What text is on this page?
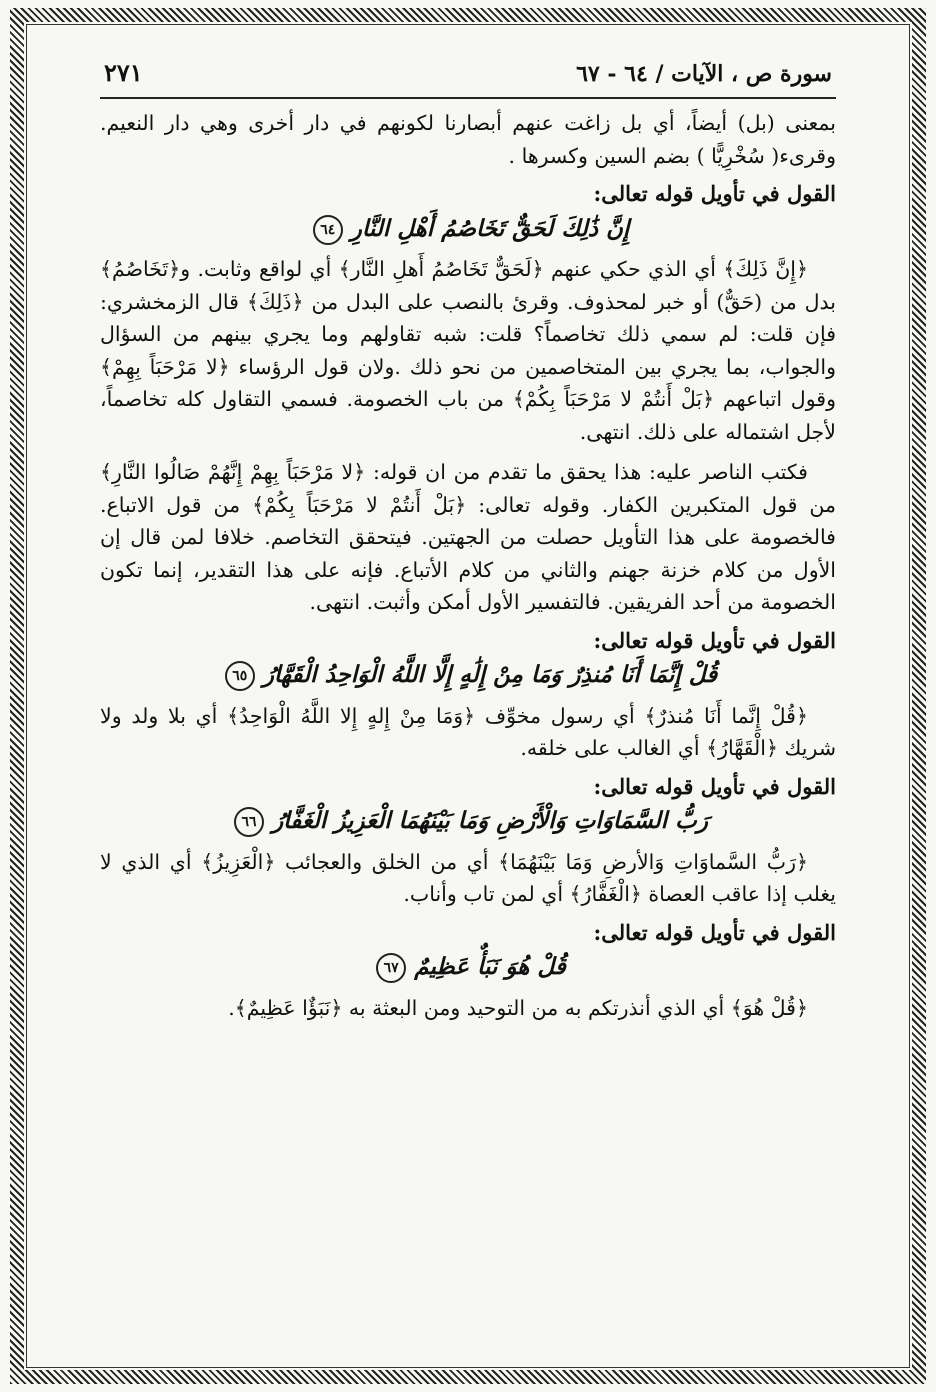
سورة ص ، الآيات / ٦٤ - ٦٧
٢٧١

بمعنى (بل) أيضاً، أي بل زاغت عنهم أبصارنا لكونهم في دار أخرى وهي دار النعيم. وقرىء( سُخْرِيًّا ) بضم السين وكسرها .

القول في تأويل قوله تعالى:
إِنَّ ذَٰلِكَ لَحَقٌّ تَخَاصُمُ أَهْلِ النَّارِ ٦٤

﴿إِنَّ ذَلِكَ﴾ أي الذي حكي عنهم ﴿لَحَقٌّ تَخَاصُمُ أَهلِ النَّار﴾ أي لواقع وثابت. و﴿تَخَاصُمُ﴾ بدل من (حَقٌّ) أو خبر لمحذوف. وقرئ بالنصب على البدل من ﴿ذَلِكَ﴾ قال الزمخشري: فإن قلت: لم سمي ذلك تخاصماً؟ قلت: شبه تقاولهم وما يجري بينهم من السؤال والجواب، بما يجري بين المتخاصمين من نحو ذلك .ولان قول الرؤساء ﴿لا مَرْحَبَاً بِهِمْ﴾ وقول اتباعهم ﴿بَلْ أَنتُمْ لا مَرْحَبَاً بِكُمْ﴾ من باب الخصومة. فسمي التقاول كله تخاصماً، لأجل اشتماله على ذلك. انتهى.

فكتب الناصر عليه: هذا يحقق ما تقدم من ان قوله: ﴿لا مَرْحَبَاً بِهِمْ إِنَّهُمْ صَالُوا النَّارِ﴾ من قول المتكبرين الكفار. وقوله تعالى: ﴿بَلْ أَنتُمْ لا مَرْحَبَاً بِكُمْ﴾ من قول الاتباع. فالخصومة على هذا التأويل حصلت من الجهتين. فيتحقق التخاصم. خلافا لمن قال إن الأول من كلام خزنة جهنم والثاني من كلام الأتباع. فإنه على هذا التقدير، إنما تكون الخصومة من أحد الفريقين. فالتفسير الأول أمكن وأثبت. انتهى.

القول في تأويل قوله تعالى:
قُلْ إِنَّمَا أَنَا مُنذِرٌ وَمَا مِنْ إِلَٰهٍ إِلَّا اللَّهُ الْوَاحِدُ الْقَهَّارُ ٦٥

﴿قُلْ إِنَّما أَنَا مُنذرٌ﴾ أي رسول مخوِّف ﴿وَمَا مِنْ إِلهٍ إِلا اللَّهُ الْوَاحِدُ﴾ أي بلا ولد ولا شريك ﴿الْقَهَّارُ﴾ أي الغالب على خلقه.

القول في تأويل قوله تعالى:
رَبُّ السَّمَاوَاتِ وَالْأَرْضِ وَمَا بَيْنَهُمَا الْعَزِيزُ الْغَفَّارُ ٦٦

﴿رَبُّ السَّماوَاتِ وَالأرضِ وَمَا بَيْنَهُمَا﴾ أي من الخلق والعجائب ﴿الْعَزِيزُ﴾ أي الذي لا يغلب إذا عاقب العصاة ﴿الْغَفَّارُ﴾ أي لمن تاب وأناب.

القول في تأويل قوله تعالى:
قُلْ هُوَ نَبَأٌ عَظِيمٌ ٦٧

﴿قُلْ هُوَ﴾ أي الذي أنذرتكم به من التوحيد ومن البعثة به ﴿نَبَؤٌا عَظِيمٌ﴾.
